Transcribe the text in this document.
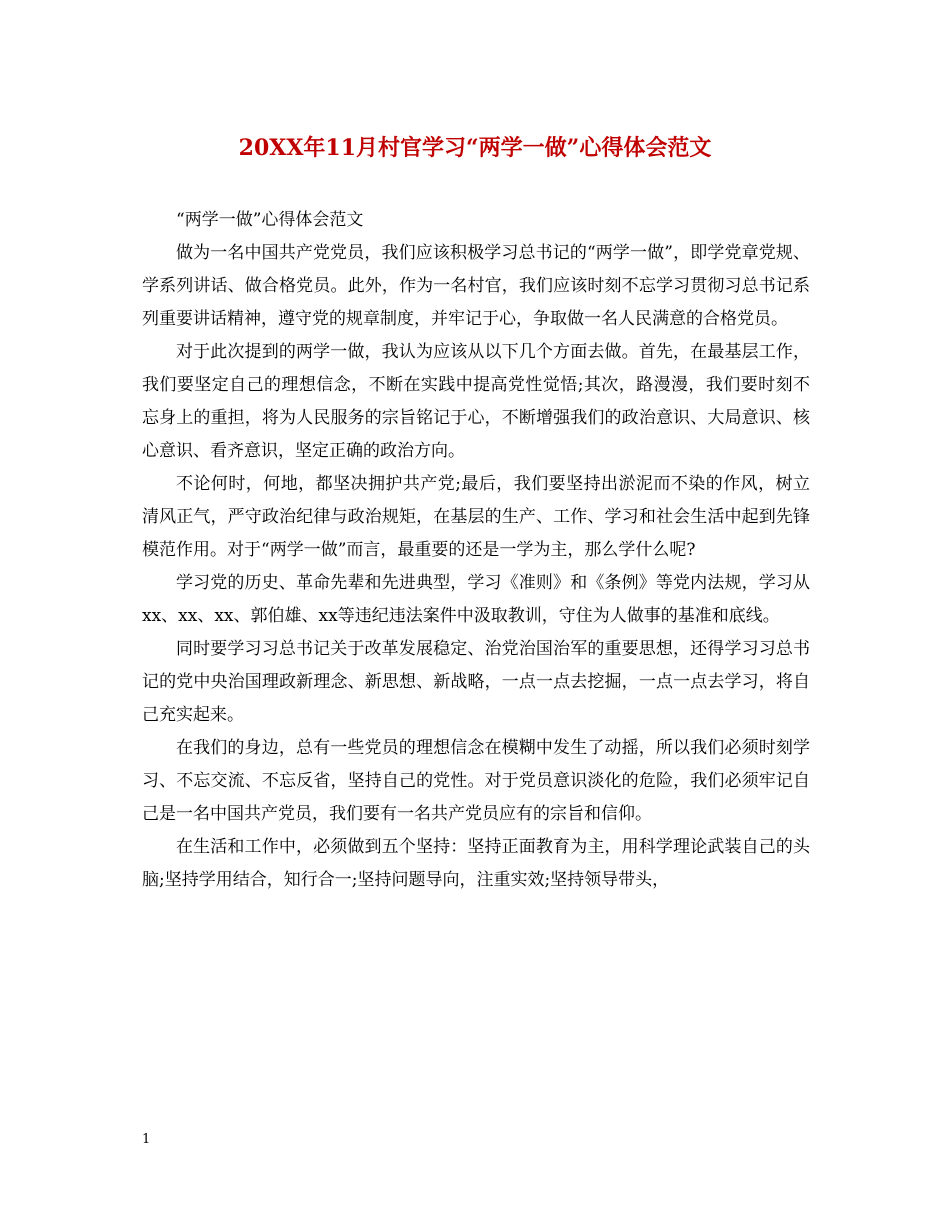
20XX年11月村官学习“两学一做”心得体会范文

“两学一做”心得体会范文

做为一名中国共产党党员，我们应该积极学习总书记的“两学一做”，即学党章党规、学系列讲话、做合格党员。此外，作为一名村官，我们应该时刻不忘学习贯彻习总书记系列重要讲话精神，遵守党的规章制度，并牢记于心，争取做一名人民满意的合格党员。

对于此次提到的两学一做，我认为应该从以下几个方面去做。首先，在最基层工作，我们要坚定自己的理想信念，不断在实践中提高党性觉悟;其次，路漫漫，我们要时刻不忘身上的重担，将为人民服务的宗旨铭记于心，不断增强我们的政治意识、大局意识、核心意识、看齐意识，坚定正确的政治方向。

不论何时，何地，都坚决拥护共产党;最后，我们要坚持出淤泥而不染的作风，树立清风正气，严守政治纪律与政治规矩，在基层的生产、工作、学习和社会生活中起到先锋模范作用。对于“两学一做”而言，最重要的还是一学为主，那么学什么呢?

学习党的历史、革命先辈和先进典型，学习《准则》和《条例》等党内法规，学习从xx、xx、xx、郭伯雄、xx等违纪违法案件中汲取教训，守住为人做事的基准和底线。

同时要学习习总书记关于改革发展稳定、治党治国治军的重要思想，还得学习习总书记的党中央治国理政新理念、新思想、新战略，一点一点去挖掘，一点一点去学习，将自己充实起来。

在我们的身边，总有一些党员的理想信念在模糊中发生了动摇，所以我们必须时刻学习、不忘交流、不忘反省，坚持自己的党性。对于党员意识淡化的危险，我们必须牢记自己是一名中国共产党员，我们要有一名共产党员应有的宗旨和信仰。

在生活和工作中，必须做到五个坚持：坚持正面教育为主，用科学理论武装自己的头脑;坚持学用结合，知行合一;坚持问题导向，注重实效;坚持领导带头，

1
